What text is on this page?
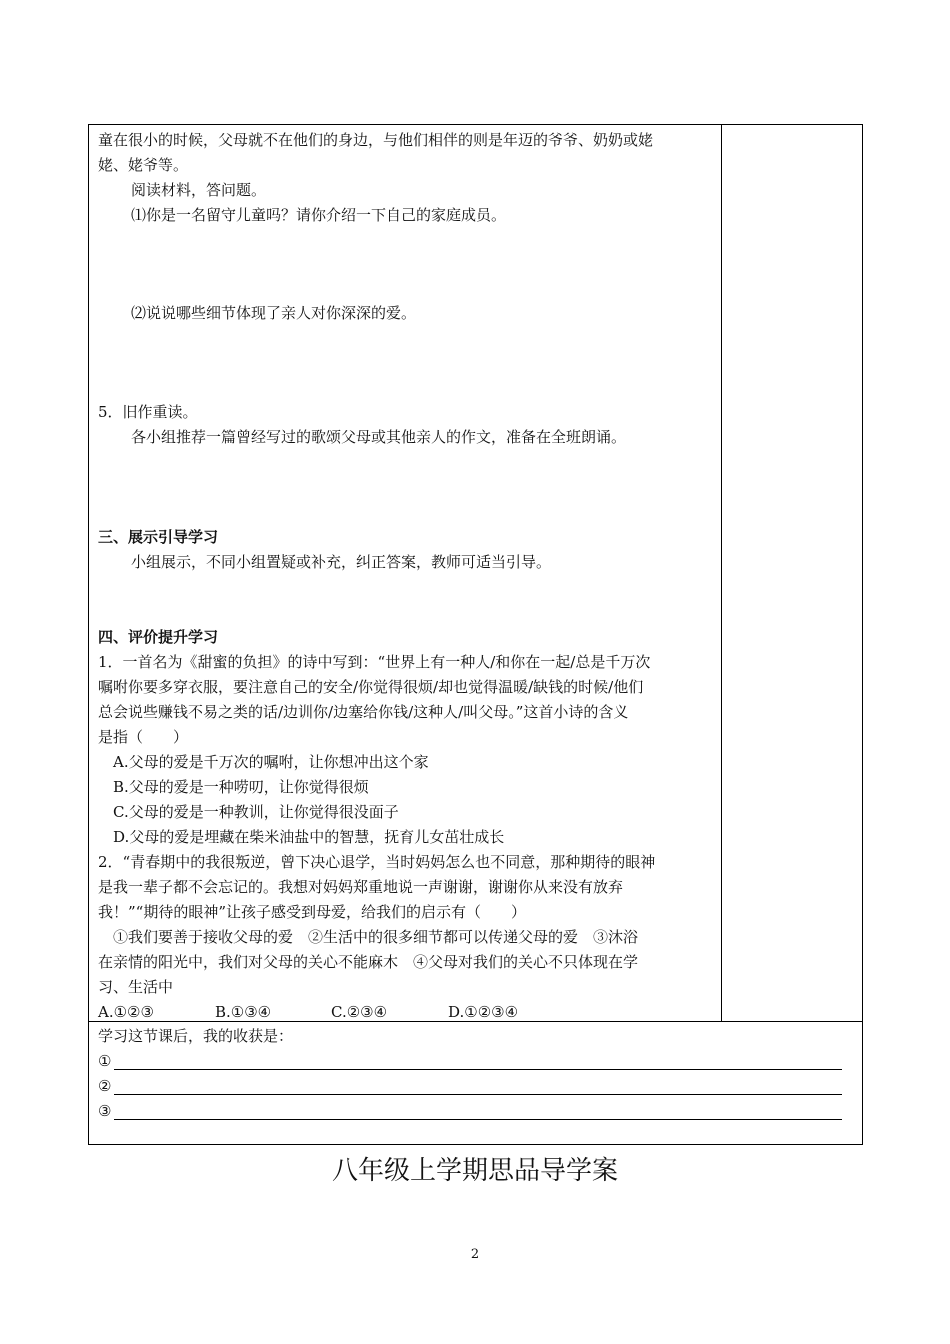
童在很小的时候，父母就不在他们的身边，与他们相伴的则是年迈的爷爷、奶奶或姥
姥、姥爷等。
阅读材料，答问题。
⑴你是一名留守儿童吗？请你介绍一下自己的家庭成员。
⑵说说哪些细节体现了亲人对你深深的爱。
5．旧作重读。
各小组推荐一篇曾经写过的歌颂父母或其他亲人的作文，准备在全班朗诵。
三、展示引导学习
小组展示，不同小组置疑或补充，纠正答案，教师可适当引导。
四、评价提升学习
1．一首名为《甜蜜的负担》的诗中写到：“世界上有一种人/和你在一起/总是千万次
嘱咐你要多穿衣服，要注意自己的安全/你觉得很烦/却也觉得温暖/缺钱的时候/他们
总会说些赚钱不易之类的话/边训你/边塞给你钱/这种人/叫父母。”这首小诗的含义
是指（　　）
A.父母的爱是千万次的嘱咐，让你想冲出这个家
B.父母的爱是一种唠叨，让你觉得很烦
C.父母的爱是一种教训，让你觉得很没面子
D.父母的爱是埋藏在柴米油盐中的智慧，抚育儿女茁壮成长
2．“青春期中的我很叛逆，曾下决心退学，当时妈妈怎么也不同意，那种期待的眼神
是我一辈子都不会忘记的。我想对妈妈郑重地说一声谢谢，谢谢你从来没有放弃
我！”“期待的眼神”让孩子感受到母爱，给我们的启示有（　　）
①我们要善于接收父母的爱　②生活中的很多细节都可以传递父母的爱　③沐浴
在亲情的阳光中，我们对父母的关心不能麻木　④父母对我们的关心不只体现在学
习、生活中
A.①②③	B.①③④	C.②③④	D.①②③④
学习这节课后，我的收获是：
①
②
③
八年级上学期思品导学案
2
